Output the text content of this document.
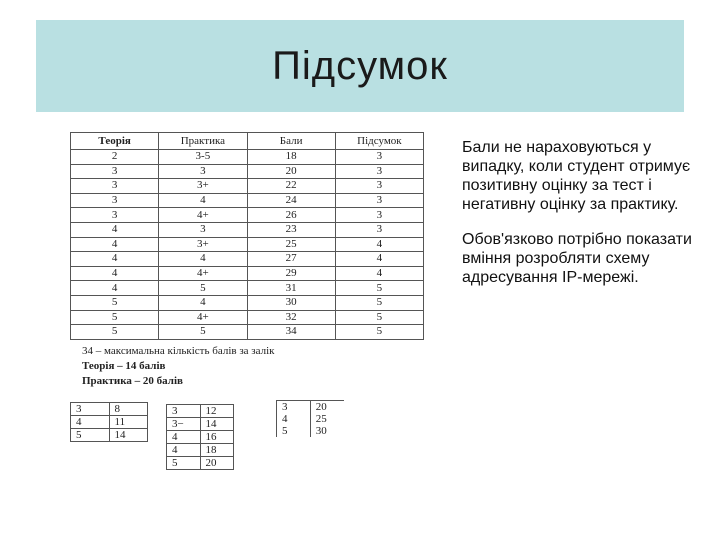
Підсумок
Теорія	Практика	Бали	Підсумок
2	3-5	18	3
3	3	20	3
3	3+	22	3
3	4	24	3
3	4+	26	3
4	3	23	3
4	3+	25	4
4	4	27	4
4	4+	29	4
4	5	31	5
5	4	30	5
5	4+	32	5
5	5	34	5
34 – максимальна кількість балів за залік
Теорія – 14 балів
Практика – 20 балів
3	8
4	11
5	14
3	12
3−	14
4	16
4	18
5	20
3	20
4	25
5	30

Бали не нараховуються у випадку, коли студент отримує позитивну оцінку за тест і негативну оцінку за практику.

Обов'язково потрібно показати вміння розробляти схему адресування IP-мережі.
